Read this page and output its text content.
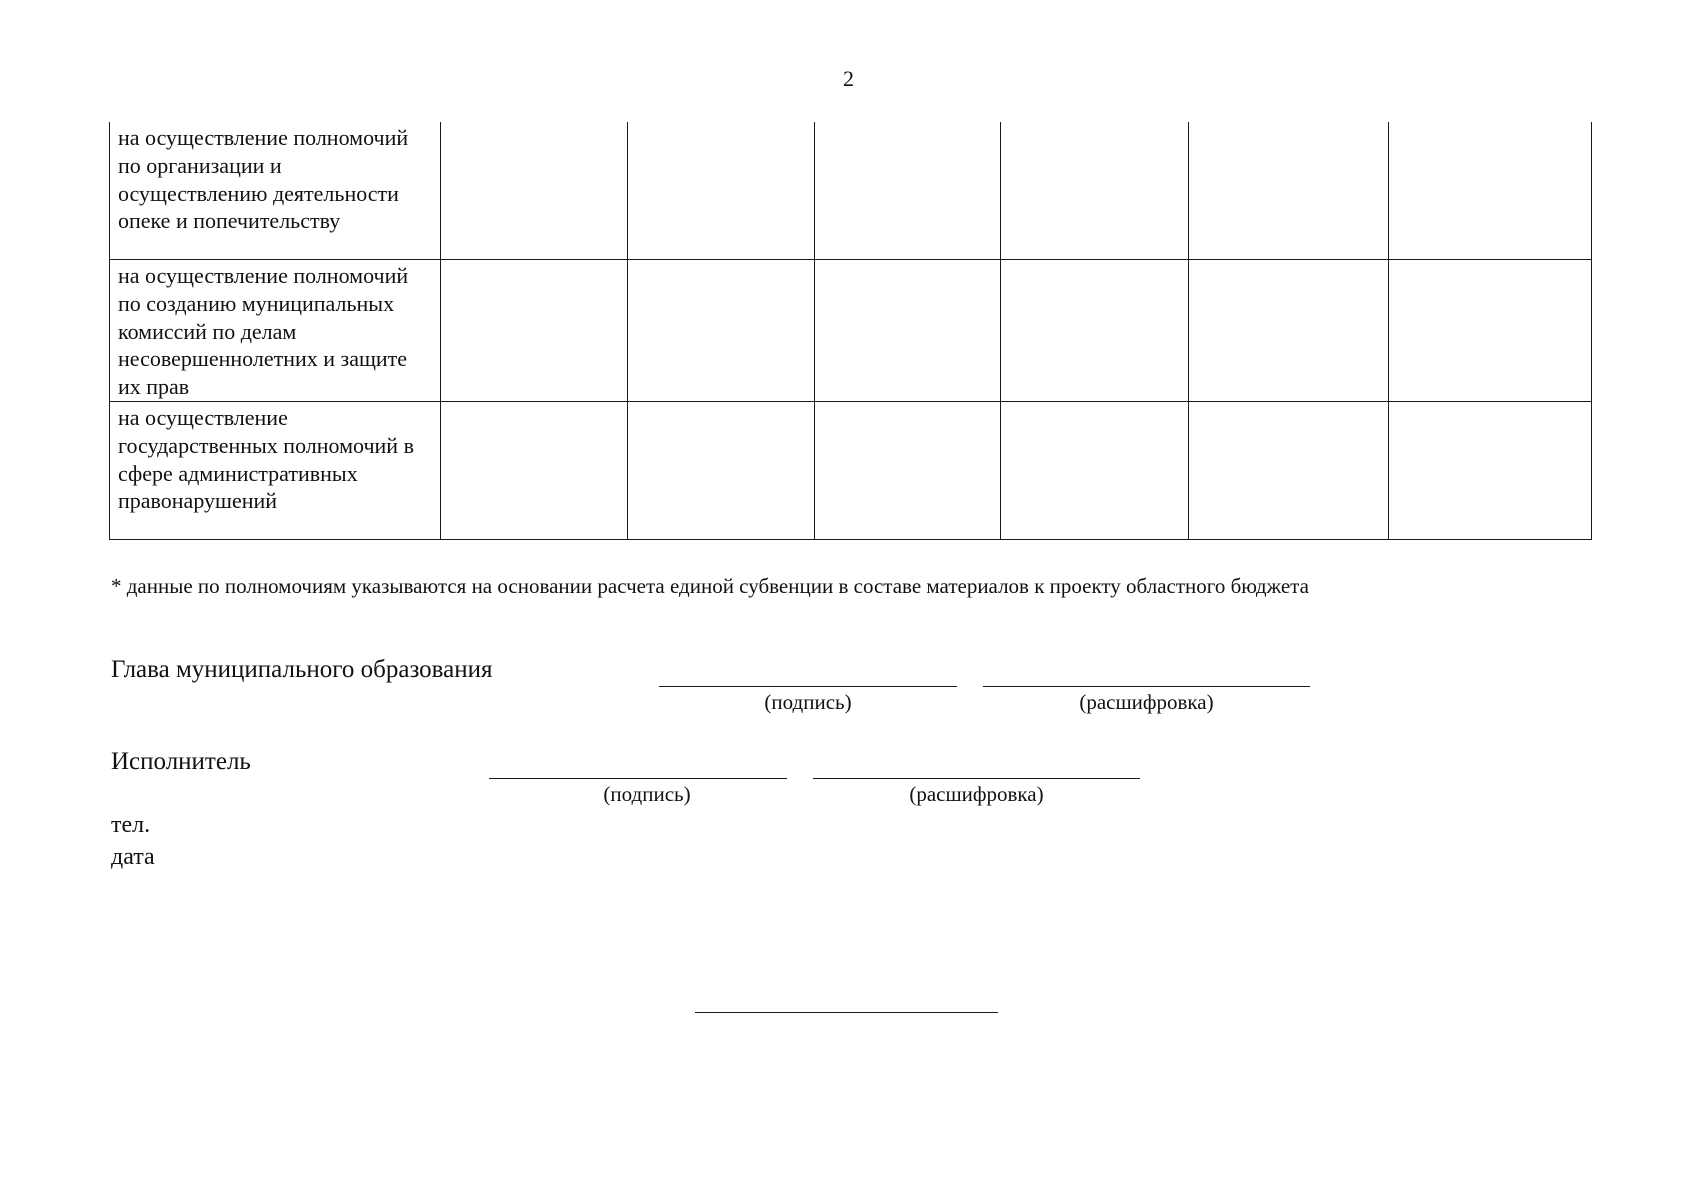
2
на осуществление полномочий по организации и осуществлению деятельности опеке и попечительству							
на осуществление полномочий по созданию муниципальных комиссий по делам несовершеннолетних и защите их прав							
на осуществление государственных полномочий в сфере административных правонарушений							
* данные по полномочиям указываются на основании расчета единой субвенции в составе материалов к проекту областного бюджета
Глава муниципального образования
(подпись)	(расшифровка)
Исполнитель
(подпись)	(расшифровка)
тел.
дата
